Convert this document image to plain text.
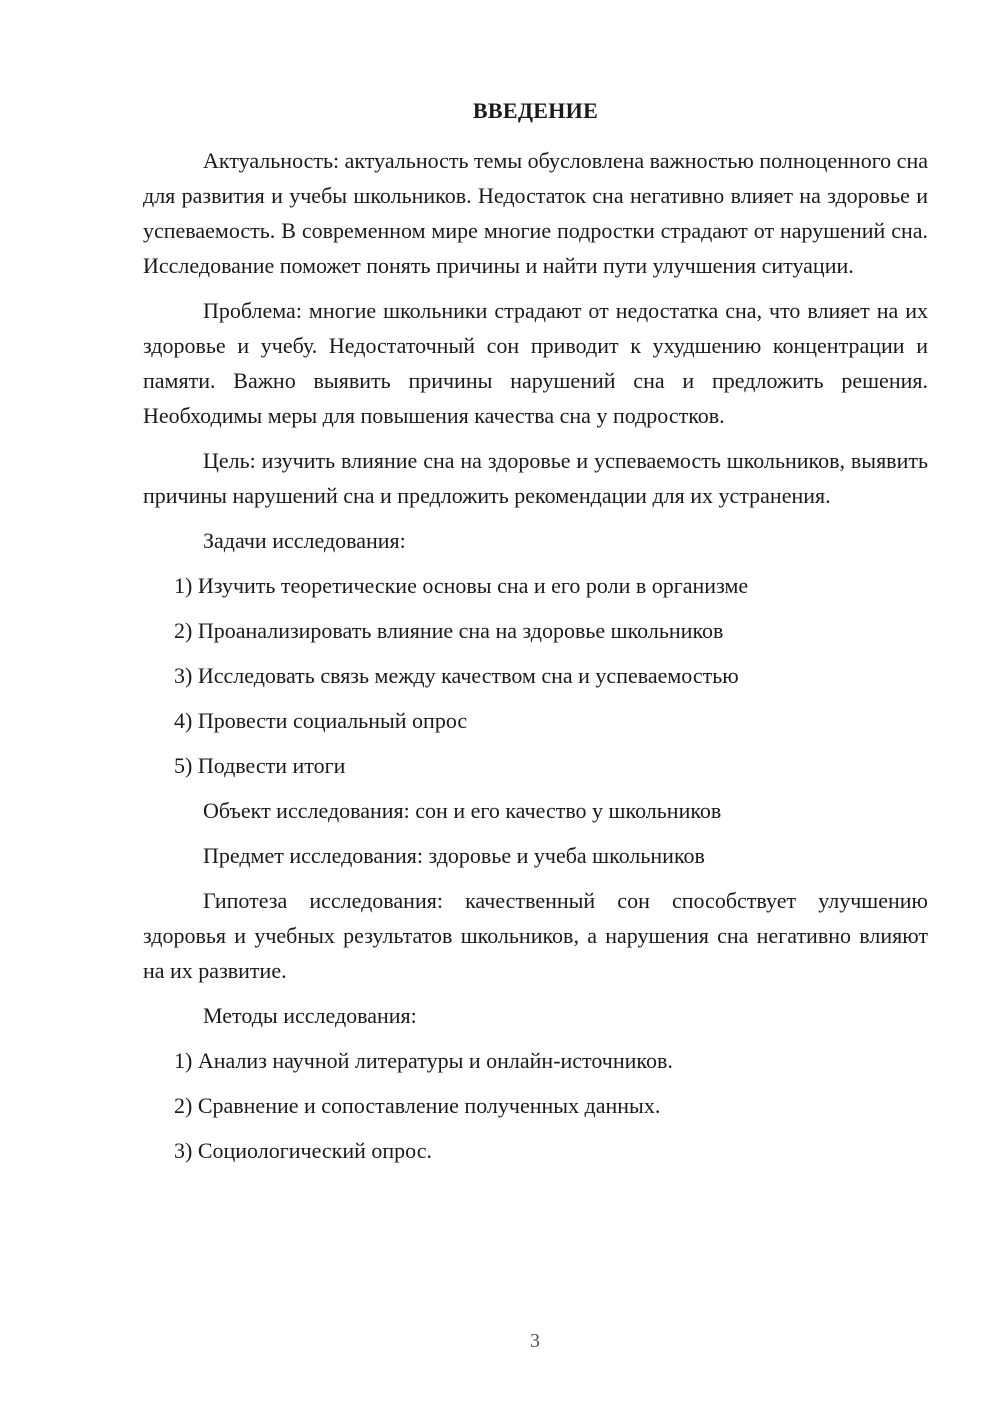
ВВЕДЕНИЕ

Актуальность: актуальность темы обусловлена важностью полноценного сна для развития и учебы школьников. Недостаток сна негативно влияет на здоровье и успеваемость. В современном мире многие подростки страдают от нарушений сна. Исследование поможет понять причины и найти пути улучшения ситуации.

Проблема: многие школьники страдают от недостатка сна, что влияет на их здоровье и учебу. Недостаточный сон приводит к ухудшению концентрации и памяти. Важно выявить причины нарушений сна и предложить решения. Необходимы меры для повышения качества сна у подростков.

Цель: изучить влияние сна на здоровье и успеваемость школьников, выявить причины нарушений сна и предложить рекомендации для их устранения.

Задачи исследования:
1) Изучить теоретические основы сна и его роли в организме
2) Проанализировать влияние сна на здоровье школьников
3) Исследовать связь между качеством сна и успеваемостью
4) Провести социальный опрос
5) Подвести итоги
Объект исследования: сон и его качество у школьников
Предмет исследования: здоровье и учеба школьников

Гипотеза исследования: качественный сон способствует улучшению здоровья и учебных результатов школьников, а нарушения сна негативно влияют на их развитие.

Методы исследования:
1) Анализ научной литературы и онлайн-источников.
2) Сравнение и сопоставление полученных данных.
3) Социологический опрос.
3
